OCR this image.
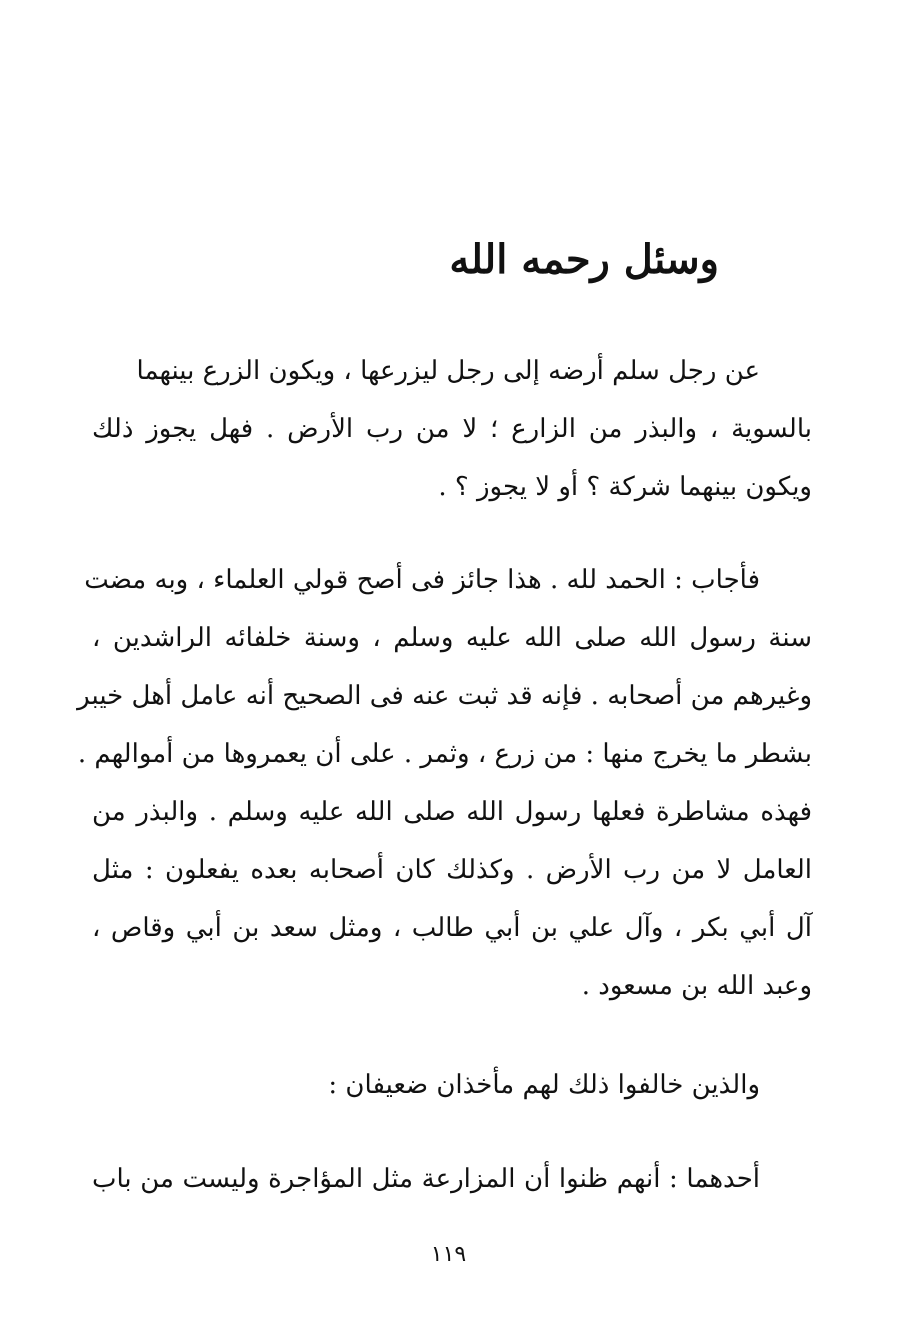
وسئل رحمه الله
عن رجل سلم أرضه إلى رجل ليزرعها ، ويكون الزرع بينهما
بالسوية ، والبذر من الزارع ؛ لا من رب الأرض . فهل يجوز ذلك
ويكون بينهما شركة ؟ أو لا يجوز ؟ .
فأجاب : الحمد لله . هذا جائز فى أصح قولي العلماء ، وبه مضت
سنة رسول الله صلى الله عليه وسلم ، وسنة خلفائه الراشدين ،
وغيرهم من أصحابه . فإنه قد ثبت عنه فى الصحيح أنه عامل أهل خيبر
بشطر ما يخرج منها : من زرع ، وثمر . على أن يعمروها من أموالهم .
فهذه مشاطرة فعلها رسول الله صلى الله عليه وسلم . والبذر من
العامل لا من رب الأرض . وكذلك كان أصحابه بعده يفعلون : مثل
آل أبي بكر ، وآل علي بن أبي طالب ، ومثل سعد بن أبي وقاص ،
وعبد الله بن مسعود .
والذين خالفوا ذلك لهم مأخذان ضعيفان :
أحدهما : أنهم ظنوا أن المزارعة مثل المؤاجرة وليست من باب
١١٩
